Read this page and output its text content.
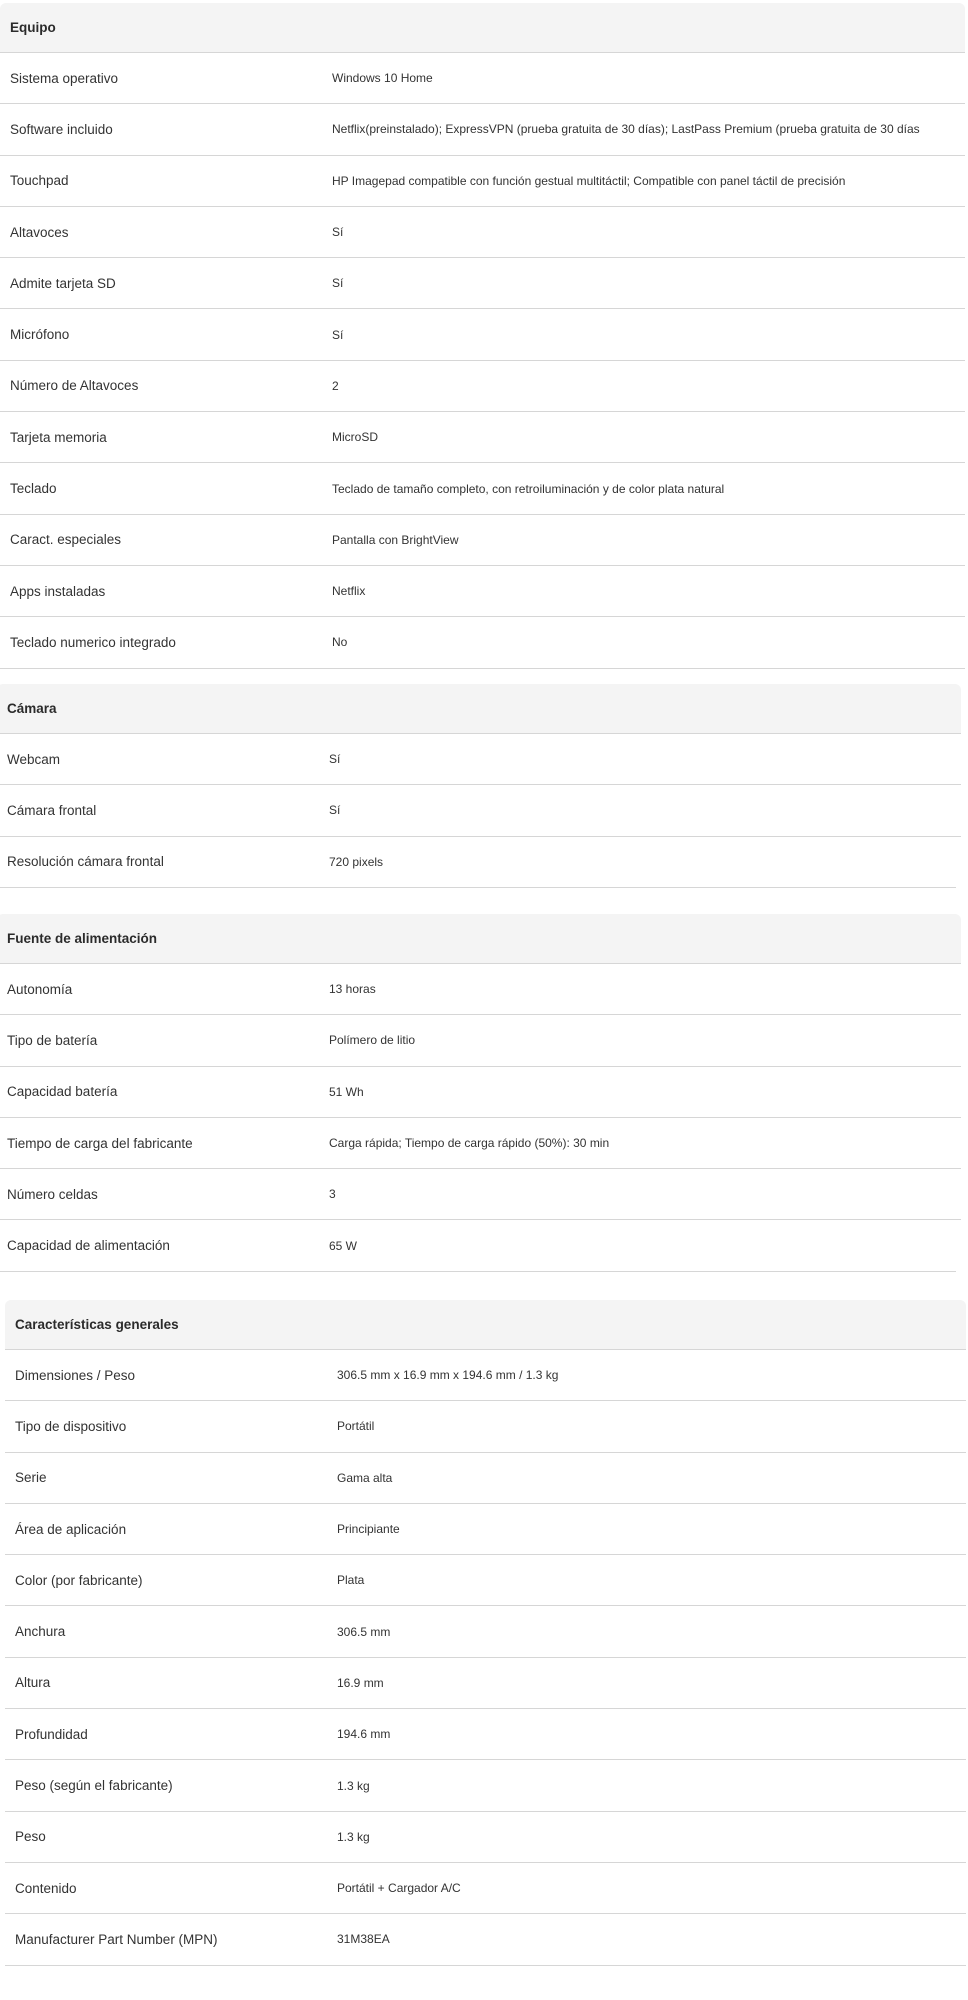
Equipo
Sistema operativo	Windows 10 Home
Software incluido	Netflix(preinstalado); ExpressVPN (prueba gratuita de 30 días); LastPass Premium (prueba gratuita de 30 días
Touchpad	HP Imagepad compatible con función gestual multitáctil; Compatible con panel táctil de precisión
Altavoces	Sí
Admite tarjeta SD	Sí
Micrófono	Sí
Número de Altavoces	2
Tarjeta memoria	MicroSD
Teclado	Teclado de tamaño completo, con retroiluminación y de color plata natural
Caract. especiales	Pantalla con BrightView
Apps instaladas	Netflix
Teclado numerico integrado	No
Cámara
Webcam	Sí
Cámara frontal	Sí
Resolución cámara frontal	720 pixels
Fuente de alimentación
Autonomía	13 horas
Tipo de batería	Polímero de litio
Capacidad batería	51 Wh
Tiempo de carga del fabricante	Carga rápida; Tiempo de carga rápido (50%): 30 min
Número celdas	3
Capacidad de alimentación	65 W
Características generales
Dimensiones / Peso	306.5 mm x 16.9 mm x 194.6 mm / 1.3 kg
Tipo de dispositivo	Portátil
Serie	Gama alta
Área de aplicación	Principiante
Color (por fabricante)	Plata
Anchura	306.5 mm
Altura	16.9 mm
Profundidad	194.6 mm
Peso (según el fabricante)	1.3 kg
Peso	1.3 kg
Contenido	Portátil + Cargador A/C
Manufacturer Part Number (MPN)	31M38EA
